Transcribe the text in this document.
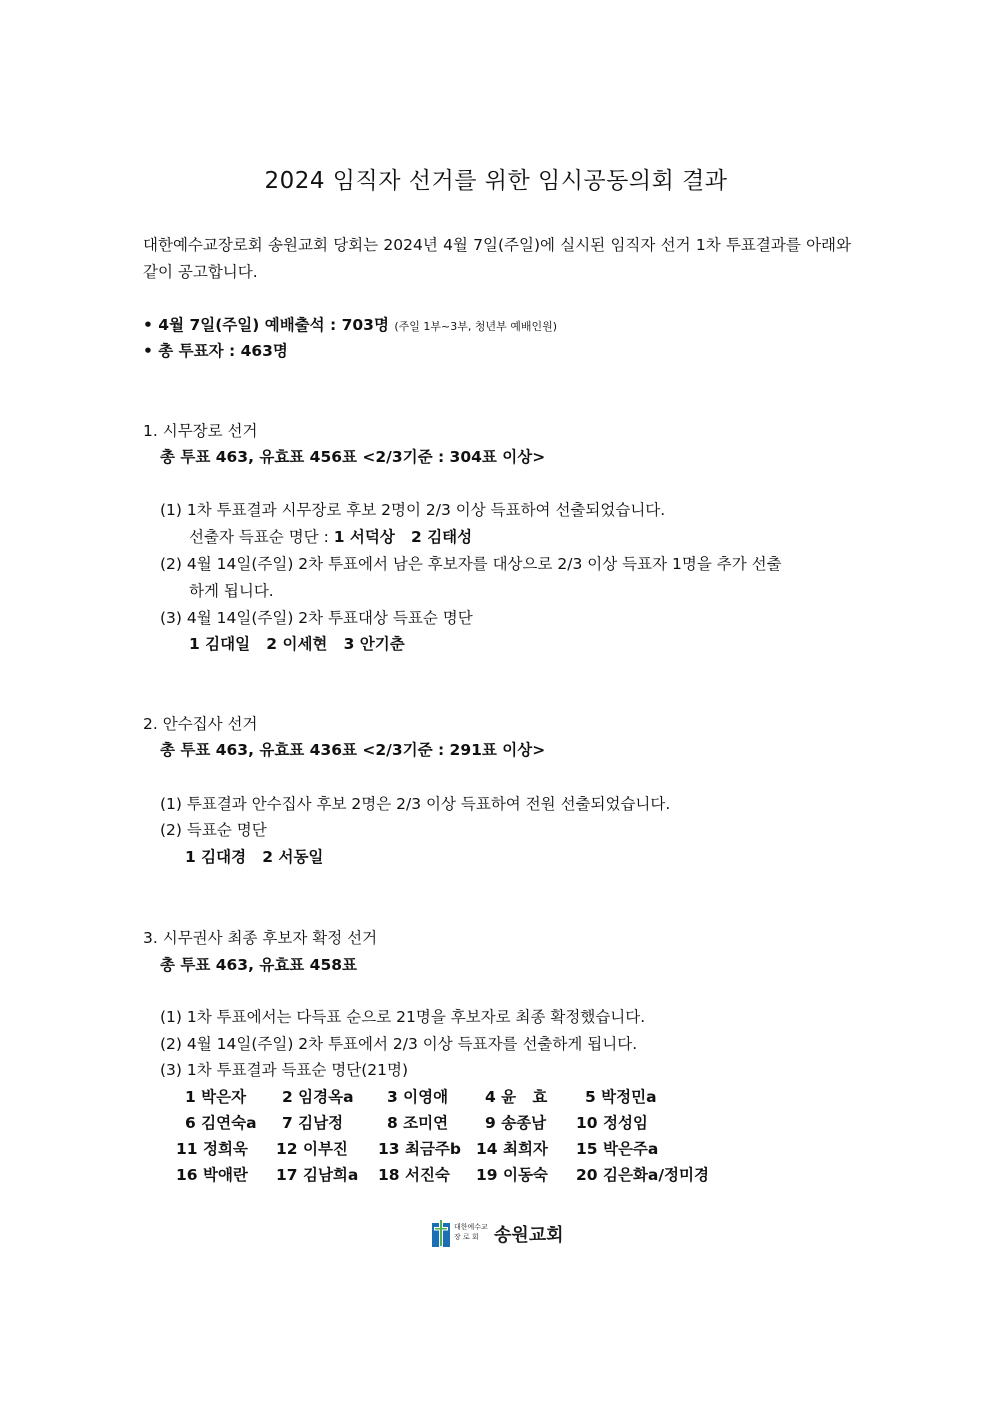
2024 임직자 선거를 위한 임시공동의회 결과
대한예수교장로회 송원교회 당회는 2024년 4월 7일(주일)에 실시된 임직자 선거 1차 투표결과를 아래와 같이 공고합니다.
• 4월 7일(주일) 예배출석 : 703명 (주일 1부~3부, 청년부 예배인원)
• 총 투표자 : 463명
1. 시무장로 선거
총 투표 463, 유효표 456표 <2/3기준 : 304표 이상>
(1) 1차 투표결과 시무장로 후보 2명이 2/3 이상 득표하여 선출되었습니다.
선출자 득표순 명단 : 1 서덕상   2 김태성
(2) 4월 14일(주일) 2차 투표에서 남은 후보자를 대상으로 2/3 이상 득표자 1명을 추가 선출
하게 됩니다.
(3) 4월 14일(주일) 2차 투표대상 득표순 명단
1 김대일   2 이세현   3 안기춘
2. 안수집사 선거
총 투표 463, 유효표 436표 <2/3기준 : 291표 이상>
(1) 투표결과 안수집사 후보 2명은 2/3 이상 득표하여 전원 선출되었습니다.
(2) 득표순 명단
1 김대경   2 서동일
3. 시무권사 최종 후보자 확정 선거
총 투표 463, 유효표 458표
(1) 1차 투표에서는 다득표 순으로 21명을 후보자로 최종 확정했습니다.
(2) 4월 14일(주일) 2차 투표에서 2/3 이상 득표자를 선출하게 됩니다.
(3) 1차 투표결과 득표순 명단(21명)
1 박은자 2 임경옥a 3 이영애 4 윤   효 5 박정민a
6 김연숙a 7 김남정	8 조미연 9 송종남 10 정성임
11 정희욱 12 이부진 13 최금주b 14 최희자 15 박은주a
16 박애란 17 김남희a 18 서진숙 19 이동숙 20 김은화a/정미경
대한예수교
장 로 회 송원교회
